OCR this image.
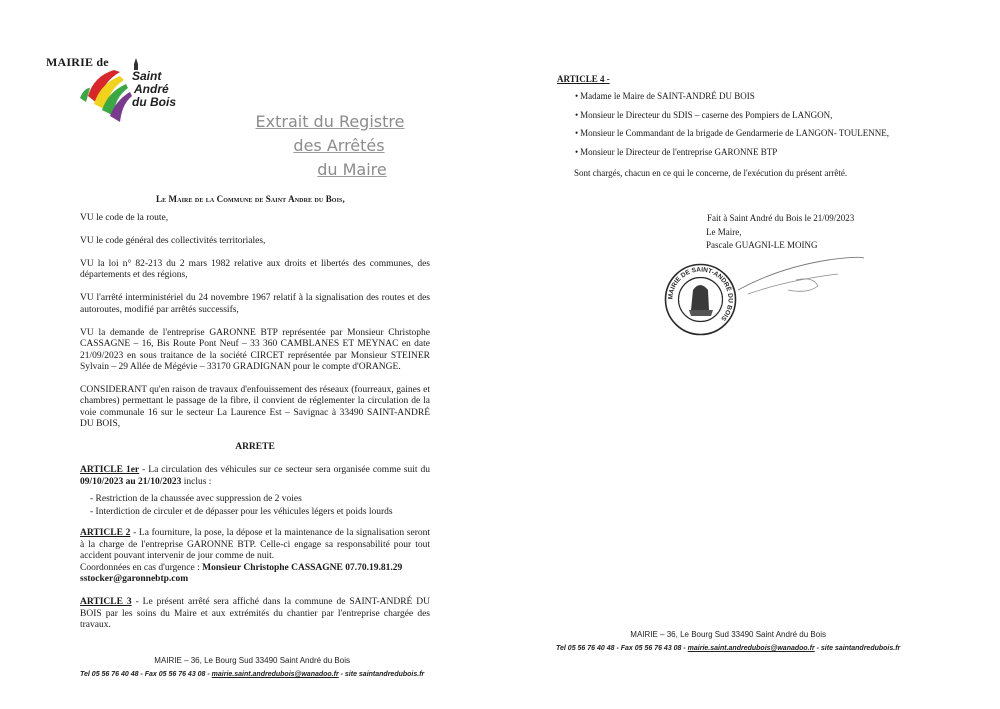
MAIRIE de
Saint
André
du Bois
Extrait du Registre
des Arrêtés
du Maire
Le Maire de la Commune de Saint Andre du Bois,

VU le code de la route,

VU le code général des collectivités territoriales,

VU la loi n° 82-213 du 2 mars 1982 relative aux droits et libertés des communes, des départements et des régions,

VU l'arrêté interministériel du 24 novembre 1967 relatif à la signalisation des routes et des autoroutes, modifié par arrêtés successifs,

VU la demande de l'entreprise GARONNE BTP représentée par Monsieur Christophe CASSAGNE – 16, Bis Route Pont Neuf – 33 360 CAMBLANES ET MEYNAC en date 21/09/2023 en sous traitance de la société CIRCET représentée par Monsieur STEINER Sylvain – 29 Allée de Mégévie – 33170 GRADIGNAN pour le compte d'ORANGE.

CONSIDERANT qu'en raison de travaux d'enfouissement des réseaux (fourreaux, gaines et chambres) permettant le passage de la fibre, il convient de réglementer la circulation de la voie communale 16 sur le secteur La Laurence Est – Savignac à 33490 SAINT-ANDRÉ DU BOIS,

ARRETE

ARTICLE 1er - La circulation des véhicules sur ce secteur sera organisée comme suit du 09/10/2023 au 21/10/2023 inclus :

- Restriction de la chaussée avec suppression de 2 voies
- Interdiction de circuler et de dépasser pour les véhicules légers et poids lourds

ARTICLE 2 - La fourniture, la pose, la dépose et la maintenance de la signalisation seront à la charge de l'entreprise GARONNE BTP. Celle-ci engage sa responsabilité pour tout accident pouvant intervenir de jour comme de nuit.

Coordonnées en cas d'urgence : Monsieur Christophe CASSAGNE 07.70.19.81.29

sstocker@garonnebtp.com

ARTICLE 3 - Le présent arrêté sera affiché dans la commune de SAINT-ANDRÉ DU BOIS par les soins du Maire et aux extrémités du chantier par l'entreprise chargée des travaux.

MAIRIE – 36, Le Bourg Sud 33490 Saint André du Bois
Tel 05 56 76 40 48 - Fax 05 56 76 43 08 - mairie.saint.andredubois@wanadoo.fr - site saintandredubois.fr
ARTICLE 4 -
• Madame le Maire de SAINT-ANDRÉ DU BOIS
• Monsieur le Directeur du SDIS – caserne des Pompiers de LANGON,
• Monsieur le Commandant de la brigade de Gendarmerie de LANGON- TOULENNE,
• Monsieur le Directeur de l'entreprise GARONNE BTP
Sont chargés, chacun en ce qui le concerne, de l'exécution du présent arrêté.
Fait à Saint André du Bois le 21/09/2023
Le Maire,
Pascale GUAGNI-LE MOING
MAIRIE DE SAINT-ANDRÉ DU BOIS
MAIRIE – 36, Le Bourg Sud 33490 Saint André du Bois
Tel 05 56 76 40 48 - Fax 05 56 76 43 08 - mairie.saint.andredubois@wanadoo.fr - site saintandredubois.fr
